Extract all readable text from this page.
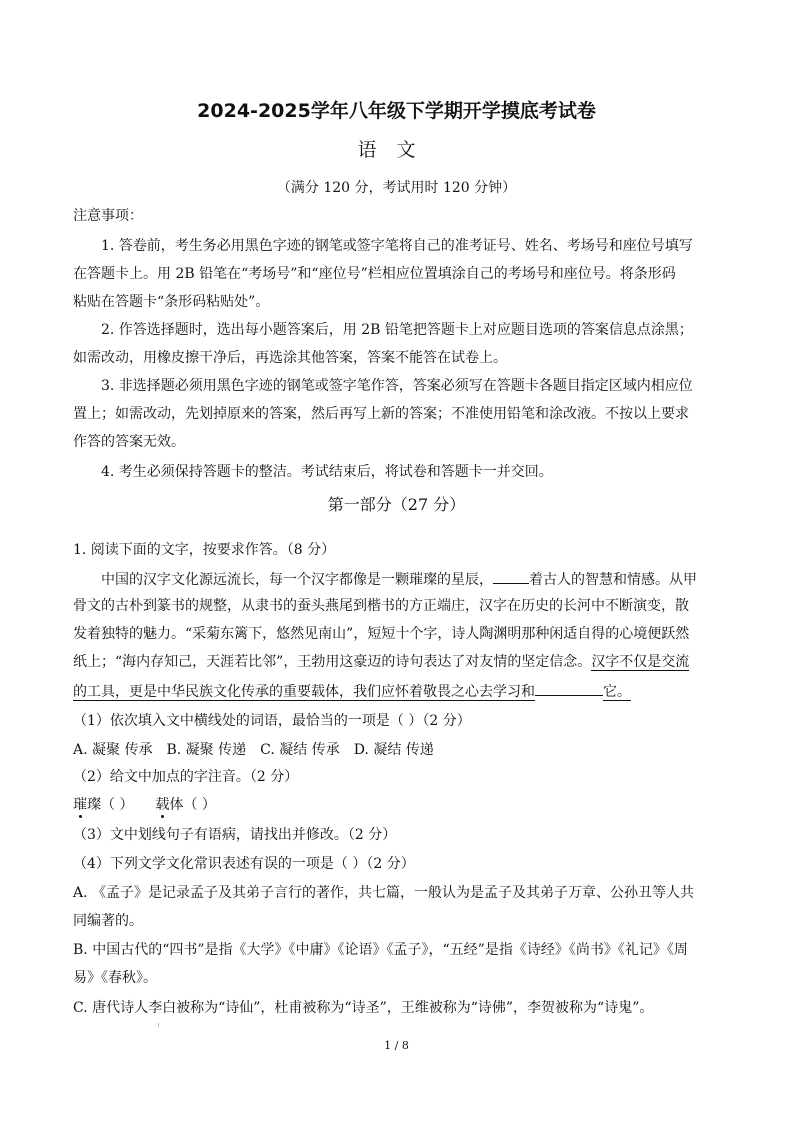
2024-2025学年八年级下学期开学摸底考试卷
语文
（满分 120 分，考试用时 120 分钟）
注意事项：
1. 答卷前，考生务必用黑色字迹的钢笔或签字笔将自己的准考证号、姓名、考场号和座位号填写
在答题卡上。用 2B 铅笔在“考场号”和“座位号”栏相应位置填涂自己的考场号和座位号。将条形码
粘贴在答题卡“条形码粘贴处”。
2. 作答选择题时，选出每小题答案后，用 2B 铅笔把答题卡上对应题目选项的答案信息点涂黑；
如需改动，用橡皮擦干净后，再选涂其他答案，答案不能答在试卷上。
3. 非选择题必须用黑色字迹的钢笔或签字笔作答，答案必须写在答题卡各题目指定区域内相应位
置上；如需改动，先划掉原来的答案，然后再写上新的答案；不准使用铅笔和涂改液。不按以上要求
作答的答案无效。
4. 考生必须保持答题卡的整洁。考试结束后，将试卷和答题卡一并交回。
第一部分（27 分）
1. 阅读下面的文字，按要求作答。（8 分）
中国的汉字文化源远流长，每一个汉字都像是一颗璀璨的星辰，	着古人的智慧和情感。从甲
骨文的古朴到篆书的规整，从隶书的蚕头燕尾到楷书的方正端庄，汉字在历史的长河中不断演变，散
发着独特的魅力。“采菊东篱下，悠然见南山”，短短十个字，诗人陶渊明那种闲适自得的心境便跃然
纸上；“海内存知己，天涯若比邻”，王勃用这豪迈的诗句表达了对友情的坚定信念。汉字不仅是交流
的工具，更是中华民族文化传承的重要载体，我们应怀着敬畏之心去学习和	它。
（1）依次填入文中横线处的词语，最恰当的一项是（ ）（2 分）
A. 凝聚 传承 B. 凝聚 传递 C. 凝结 传承 D. 凝结 传递
（2）给文中加点的字注音。（2 分）
璀璨（ ） 载体（ ）
（3）文中划线句子有语病，请找出并修改。（2 分）
（4）下列文学文化常识表述有误的一项是（ ）（2 分）
A. 《孟子》是记录孟子及其弟子言行的著作，共七篇，一般认为是孟子及其弟子万章、公孙丑等人共
同编著的。
B. 中国古代的“四书”是指《大学》《中庸》《论语》《孟子》，“五经”是指《诗经》《尚书》《礼记》《周
易》《春秋》。
C. 唐代诗人李白被称为“诗仙”，杜甫被称为“诗圣”，王维被称为“诗佛”，李贺被称为“诗鬼”。
1 / 8
